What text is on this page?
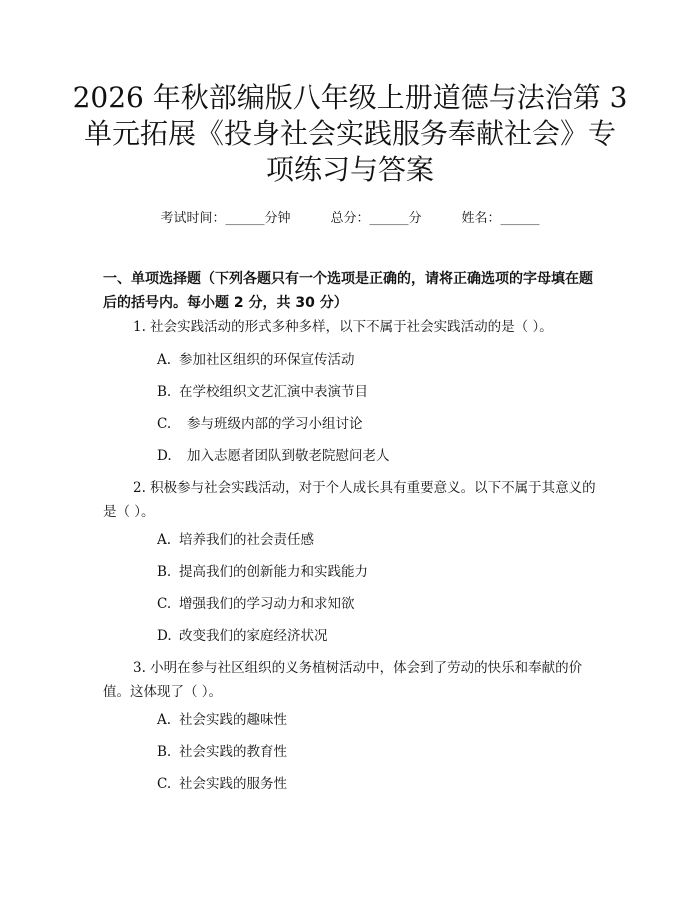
2026 年秋部编版八年级上册道德与法治第 3
单元拓展《投身社会实践服务奉献社会》专
项练习与答案
考试时间：______分钟	总分：______分	姓名：______
一、单项选择题（下列各题只有一个选项是正确的，请将正确选项的字母填在题后的括号内。每小题 2 分，共 30 分）
1. 社会实践活动的形式多种多样，以下不属于社会实践活动的是（ ）。
A. 参加社区组织的环保宣传活动
B. 在学校组织文艺汇演中表演节目
C. 参与班级内部的学习小组讨论
D. 加入志愿者团队到敬老院慰问老人
2. 积极参与社会实践活动，对于个人成长具有重要意义。以下不属于其意义的是（ ）。
A. 培养我们的社会责任感
B. 提高我们的创新能力和实践能力
C. 增强我们的学习动力和求知欲
D. 改变我们的家庭经济状况
3. 小明在参与社区组织的义务植树活动中，体会到了劳动的快乐和奉献的价值。这体现了（ ）。
A. 社会实践的趣味性
B. 社会实践的教育性
C. 社会实践的服务性
